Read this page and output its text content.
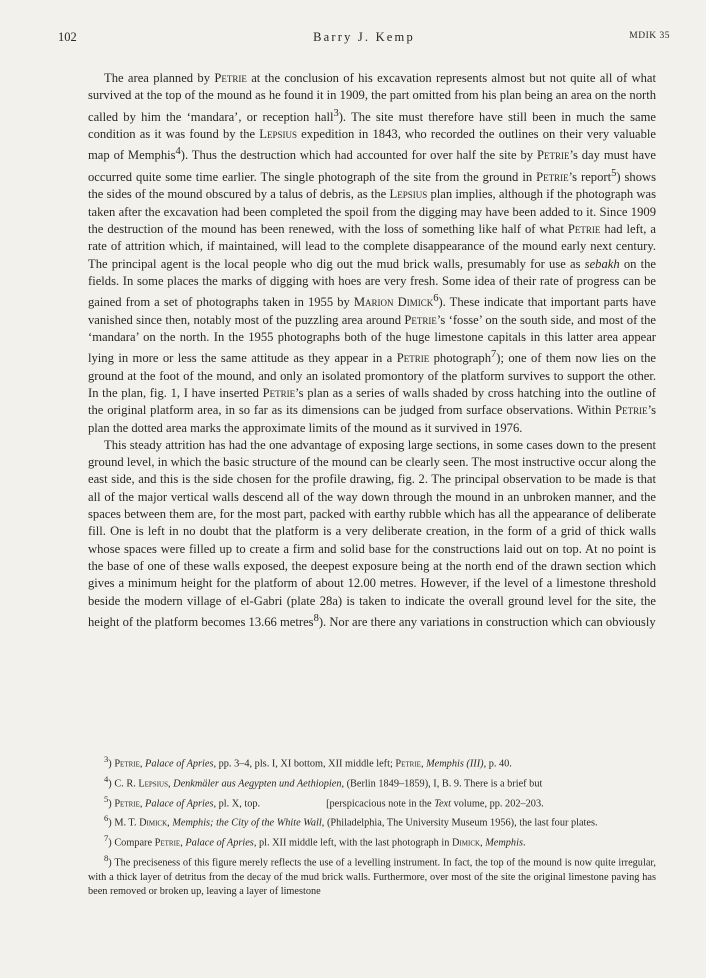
102	Barry J. Kemp	MDIK 35

The area planned by Petrie at the conclusion of his excavation represents almost but not quite all of what survived at the top of the mound as he found it in 1909, the part omitted from his plan being an area on the north called by him the ‘mandara’, or reception hall$^3$). The site must therefore have still been in much the same condition as it was found by the Lepsius expedition in 1843, who recorded the outlines on their very valuable map of Memphis$^4$). Thus the destruction which had accounted for over half the site by Petrie’s day must have occurred quite some time earlier. The single photograph of the site from the ground in Petrie’s report$^5$) shows the sides of the mound obscured by a talus of debris, as the Lepsius plan implies, although if the photograph was taken after the excavation had been completed the spoil from the digging may have been added to it. Since 1909 the destruction of the mound has been renewed, with the loss of something like half of what Petrie had left, a rate of attrition which, if maintained, will lead to the complete disappearance of the mound early next century. The principal agent is the local people who dig out the mud brick walls, presumably for use as sebakh on the fields. In some places the marks of digging with hoes are very fresh. Some idea of their rate of progress can be gained from a set of photographs taken in 1955 by Marion Dimick$^6$). These indicate that important parts have vanished since then, notably most of the puzzling area around Petrie’s ‘fosse’ on the south side, and most of the ‘mandara’ on the north. In the 1955 photographs both of the huge limestone capitals in this latter area appear lying in more or less the same attitude as they appear in a Petrie photograph$^7$); one of them now lies on the ground at the foot of the mound, and only an isolated promontory of the platform survives to support the other. In the plan, fig. 1, I have inserted Petrie’s plan as a series of walls shaded by cross hatching into the outline of the original platform area, in so far as its dimensions can be judged from surface observations. Within Petrie’s plan the dotted area marks the approximate limits of the mound as it survived in 1976.

This steady attrition has had the one advantage of exposing large sections, in some cases down to the present ground level, in which the basic structure of the mound can be clearly seen. The most instructive occur along the east side, and this is the side chosen for the profile drawing, fig. 2. The principal observation to be made is that all of the major vertical walls descend all of the way down through the mound in an unbroken manner, and the spaces between them are, for the most part, packed with earthy rubble which has all the appearance of deliberate fill. One is left in no doubt that the platform is a very deliberate creation, in the form of a grid of thick walls whose spaces were filled up to create a firm and solid base for the constructions laid out on top. At no point is the base of one of these walls exposed, the deepest exposure being at the north end of the drawn section which gives a minimum height for the platform of about 12.00 metres. However, if the level of a limestone threshold beside the modern village of el-Gabri (plate 28a) is taken to indicate the overall ground level for the site, the height of the platform becomes 13.66 metres$^8$). Nor are there any variations in construction which can obviously

$^3$) Petrie, Palace of Apries, pp. 3–4, pls. I, XI bottom, XII middle left; Petrie, Memphis (III), p. 40.

$^4$) C. R. Lepsius, Denkmäler aus Aegypten und Aethiopien, (Berlin 1849–1859), I, B. 9. There is a brief but

$^5$) Petrie, Palace of Apries, pl. X, top.	[perspicacious note in the Text volume, pp. 202–203.

$^6$) M. T. Dimick, Memphis; the City of the White Wall, (Philadelphia, The University Museum 1956), the last four plates.

$^7$) Compare Petrie, Palace of Apries, pl. XII middle left, with the last photograph in Dimick, Memphis.

$^8$) The preciseness of this figure merely reflects the use of a levelling instrument. In fact, the top of the mound is now quite irregular, with a thick layer of detritus from the decay of the mud brick walls. Furthermore, over most of the site the original limestone paving has been removed or broken up, leaving a layer of limestone
